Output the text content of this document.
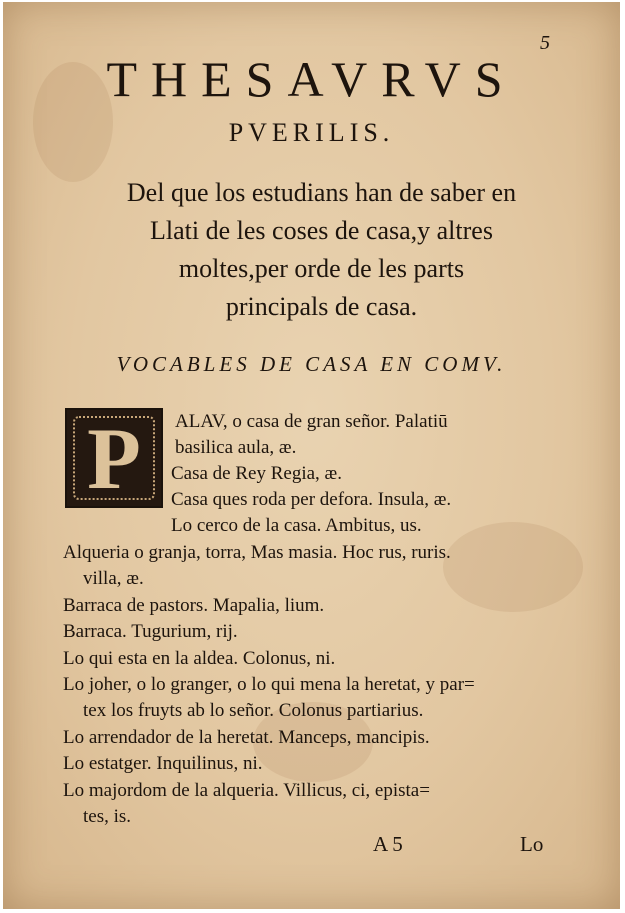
5
THESAVRVS
PVERILIS.
Del que los estudians han de saber en
Llati de les coses de casa,y altres
moltes,per orde de les parts
principals de casa.
VOCABLES DE CASA EN COMV.
P	ALAV, o casa de gran señor. Palatiū
basilica aula, æ.
Casa de Rey Regia, æ.
Casa ques roda per defora. Insula, æ.
Lo cerco de la casa. Ambitus, us.
Alqueria o granja, torra, Mas masia. Hoc rus, ruris.
villa, æ.
Barraca de pastors. Mapalia, lium.
Barraca. Tugurium, rij.
Lo qui esta en la aldea. Colonus, ni.
Lo joher, o lo granger, o lo qui mena la heretat, y par=
tex los fruyts ab lo señor. Colonus partiarius.
Lo arrendador de la heretat. Manceps, mancipis.
Lo estatger. Inquilinus, ni.
Lo majordom de la alqueria. Villicus, ci, epista=
tes, is.
A 5	Lo
